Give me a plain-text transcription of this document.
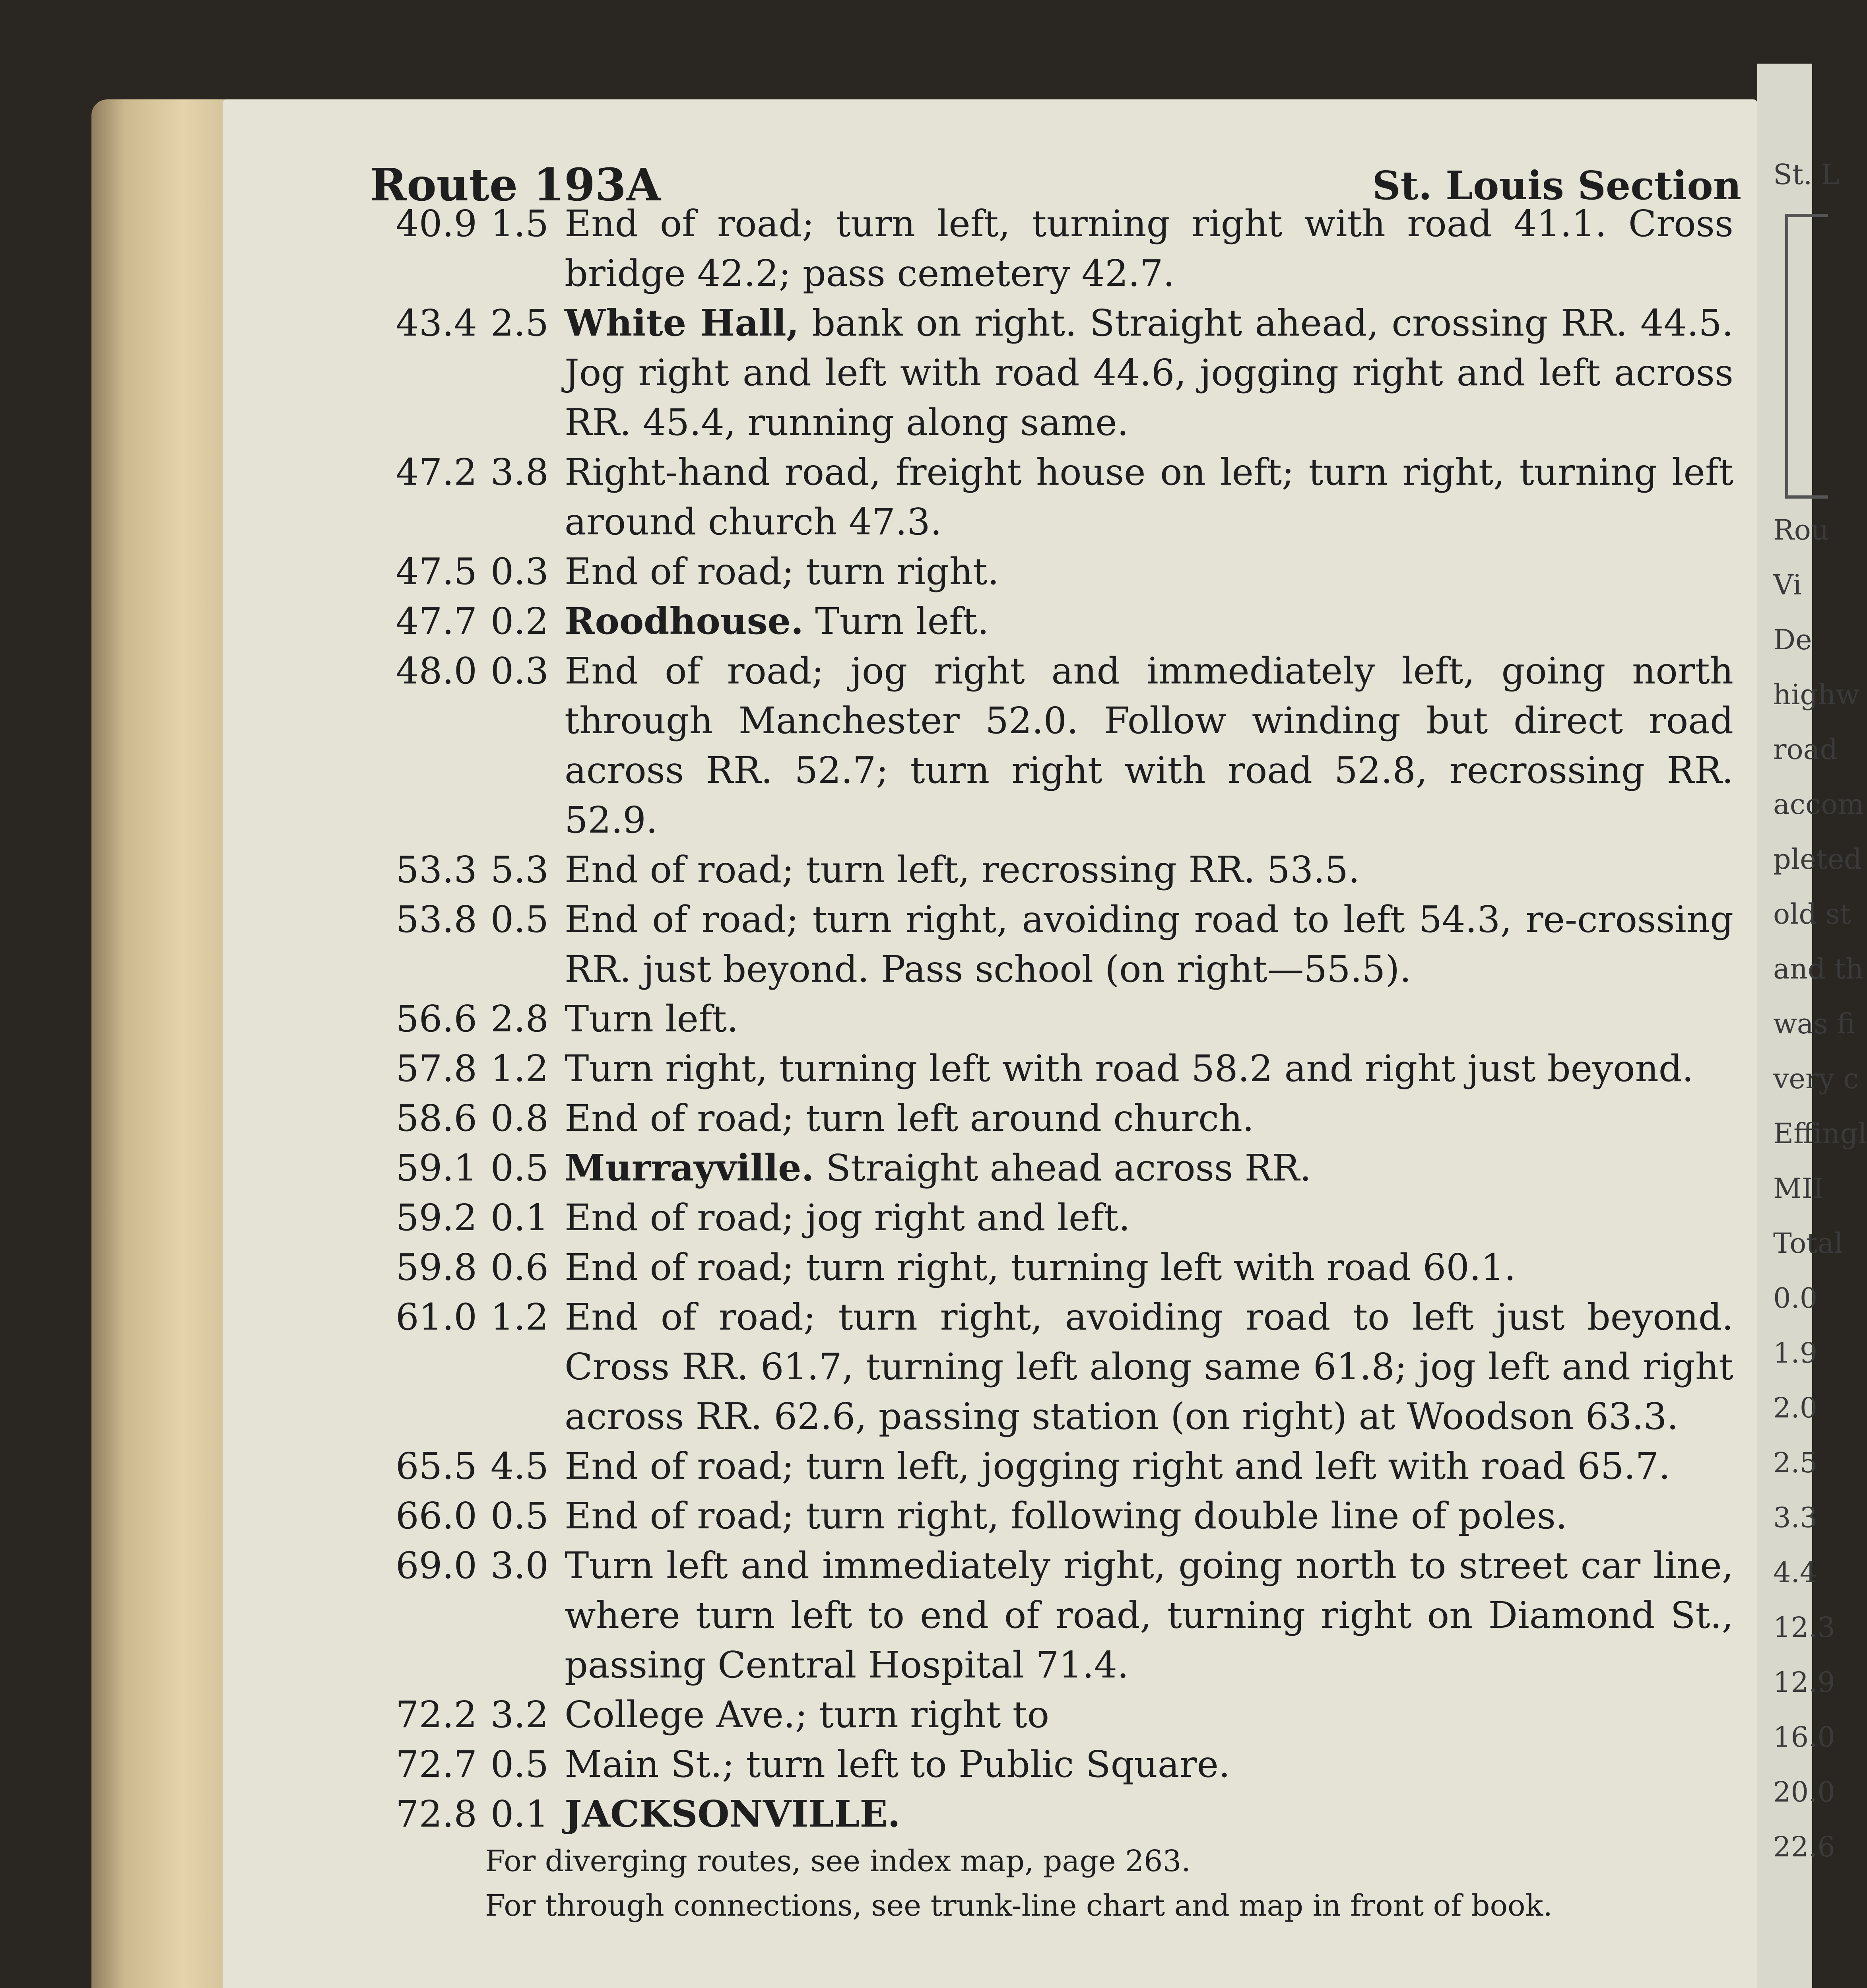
St. L
Rou
Vi
De
highw
road
accom
pleted
old st
and th
was fi
very c
Effingl
MII
Total
0.0
1.9
2.0
2.5
3.3
4.4
12.3
12.9
16.0
20.0
22.6
Route 193A	St. Louis Section
40.9 1.5 End of road; turn left, turning right with road 41.1. Cross bridge 42.2; pass cemetery 42.7.
43.4 2.5 White Hall, bank on right. Straight ahead, crossing RR. 44.5. Jog right and left with road 44.6, jogging right and left across RR. 45.4, running along same.
47.2 3.8 Right-hand road, freight house on left; turn right, turning left around church 47.3.
47.5 0.3 End of road; turn right.
47.7 0.2 Roodhouse. Turn left.
48.0 0.3 End of road; jog right and immediately left, going north through Manchester 52.0. Follow winding but direct road across RR. 52.7; turn right with road 52.8, recrossing RR. 52.9.
53.3 5.3 End of road; turn left, recrossing RR. 53.5.
53.8 0.5 End of road; turn right, avoiding road to left 54.3, re-crossing RR. just beyond. Pass school (on right—55.5).
56.6 2.8 Turn left.
57.8 1.2 Turn right, turning left with road 58.2 and right just beyond.
58.6 0.8 End of road; turn left around church.
59.1 0.5 Murrayville. Straight ahead across RR.
59.2 0.1 End of road; jog right and left.
59.8 0.6 End of road; turn right, turning left with road 60.1.
61.0 1.2 End of road; turn right, avoiding road to left just beyond. Cross RR. 61.7, turning left along same 61.8; jog left and right across RR. 62.6, passing station (on right) at Woodson 63.3.
65.5 4.5 End of road; turn left, jogging right and left with road 65.7.
66.0 0.5 End of road; turn right, following double line of poles.
69.0 3.0 Turn left and immediately right, going north to street car line, where turn left to end of road, turning right on Diamond St., passing Central Hospital 71.4.
72.2 3.2 College Ave.; turn right to
72.7 0.5 Main St.; turn left to Public Square.
72.8 0.1 JACKSONVILLE.
For diverging routes, see index map, page 263.
For through connections, see trunk-line chart and map in front of book.
